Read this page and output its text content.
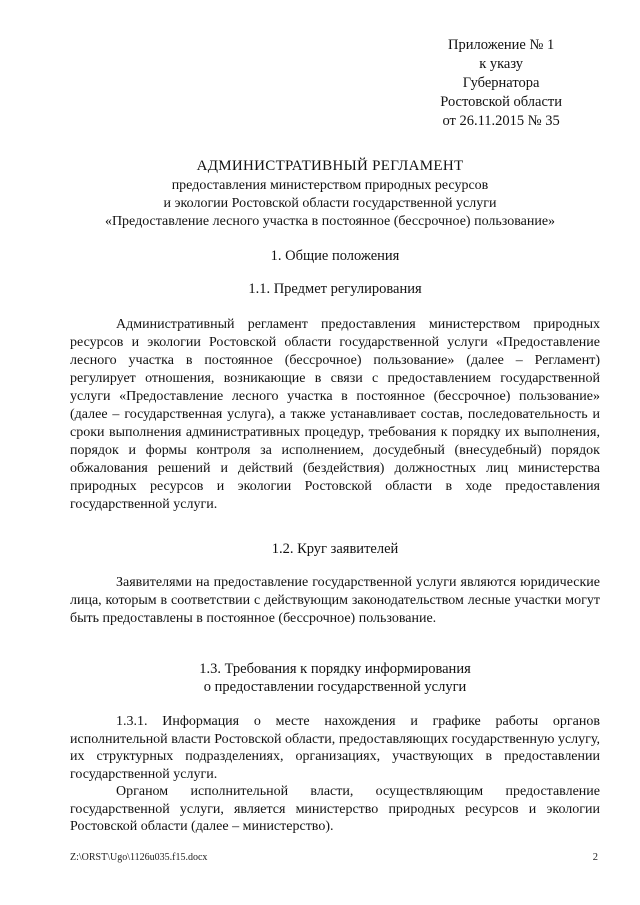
Приложение № 1
к указу
Губернатора
Ростовской области
от 26.11.2015 № 35
АДМИНИСТРАТИВНЫЙ РЕГЛАМЕНТ
предоставления министерством природных ресурсов
и экологии Ростовской области государственной услуги
«Предоставление лесного участка в постоянное (бессрочное) пользование»
1. Общие положения
1.1. Предмет регулирования
Административный регламент предоставления министерством природных ресурсов и экологии Ростовской области государственной услуги «Предоставление лесного участка в постоянное (бессрочное) пользование» (далее – Регламент) регулирует отношения, возникающие в связи с предоставлением государственной услуги «Предоставление лесного участка в постоянное (бессрочное) пользование» (далее – государственная услуга), а также устанавливает состав, последовательность и сроки выполнения административных процедур, требования к порядку их выполнения, порядок и формы контроля за исполнением, досудебный (внесудебный) порядок обжалования решений и действий (бездействия) должностных лиц министерства природных ресурсов и экологии Ростовской области в ходе предоставления государственной услуги.
1.2. Круг заявителей
Заявителями на предоставление государственной услуги являются юридические лица, которым в соответствии с действующим законодательством лесные участки могут быть предоставлены в постоянное (бессрочное) пользование.
1.3. Требования к порядку информирования
о предоставлении государственной услуги
1.3.1. Информация о месте нахождения и графике работы органов исполнительной власти Ростовской области, предоставляющих государственную услугу, их структурных подразделениях, организациях, участвующих в предоставлении государственной услуги.
Органом исполнительной власти, осуществляющим предоставление государственной услуги, является министерство природных ресурсов и экологии Ростовской области (далее – министерство).
Z:\ORST\Ugo\1126u035.f15.docx	2
